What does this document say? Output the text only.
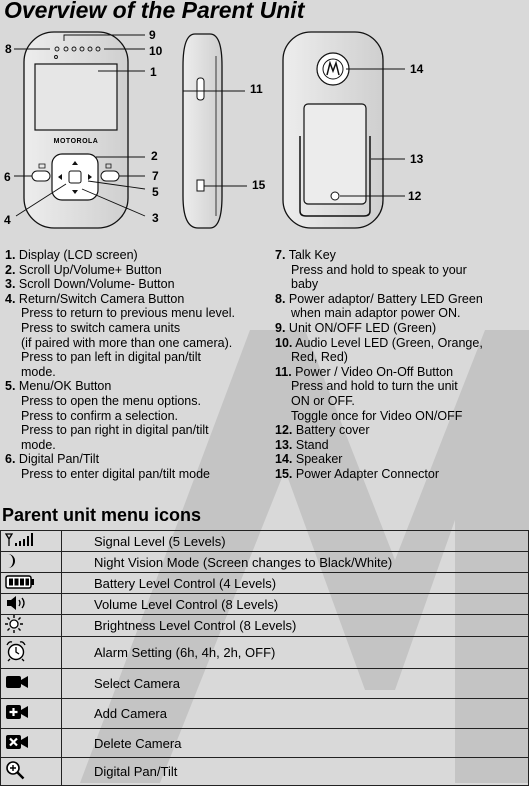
Overview of the Parent Unit
MOTOROLA
8
9
10
1
11
14
13
12
15
2
7
5
3
6
4
1. Display (LCD screen)
2. Scroll Up/Volume+ Button
3. Scroll Down/Volume- Button
4. Return/Switch Camera Button
Press to return to previous menu level.
Press to switch camera units
(if paired with more than one camera).
Press to pan left in digital pan/tilt
mode.
5. Menu/OK Button
Press to open the menu options.
Press to confirm a selection.
Press to pan right in digital pan/tilt
mode.
6. Digital Pan/Tilt
Press to enter digital pan/tilt mode
7. Talk Key
Press and hold to speak to your
baby
8. Power adaptor/ Battery LED Green
when main adaptor power ON.
9. Unit ON/OFF LED (Green)
10. Audio Level LED (Green, Orange,
Red, Red)
11. Power / Video On-Off Button
Press and hold to turn the unit
ON or OFF.
Toggle once for Video ON/OFF
12. Battery cover
13. Stand
14. Speaker
15. Power Adapter Connector
Parent unit menu icons
	Signal Level (5 Levels)
	Night Vision Mode (Screen changes to Black/White)
	Battery Level Control (4 Levels)
	Volume Level Control (8 Levels)
	Brightness Level Control (8 Levels)
	Alarm Setting (6h, 4h, 2h, OFF)
	Select Camera
	Add Camera
	Delete Camera
	Digital Pan/Tilt
